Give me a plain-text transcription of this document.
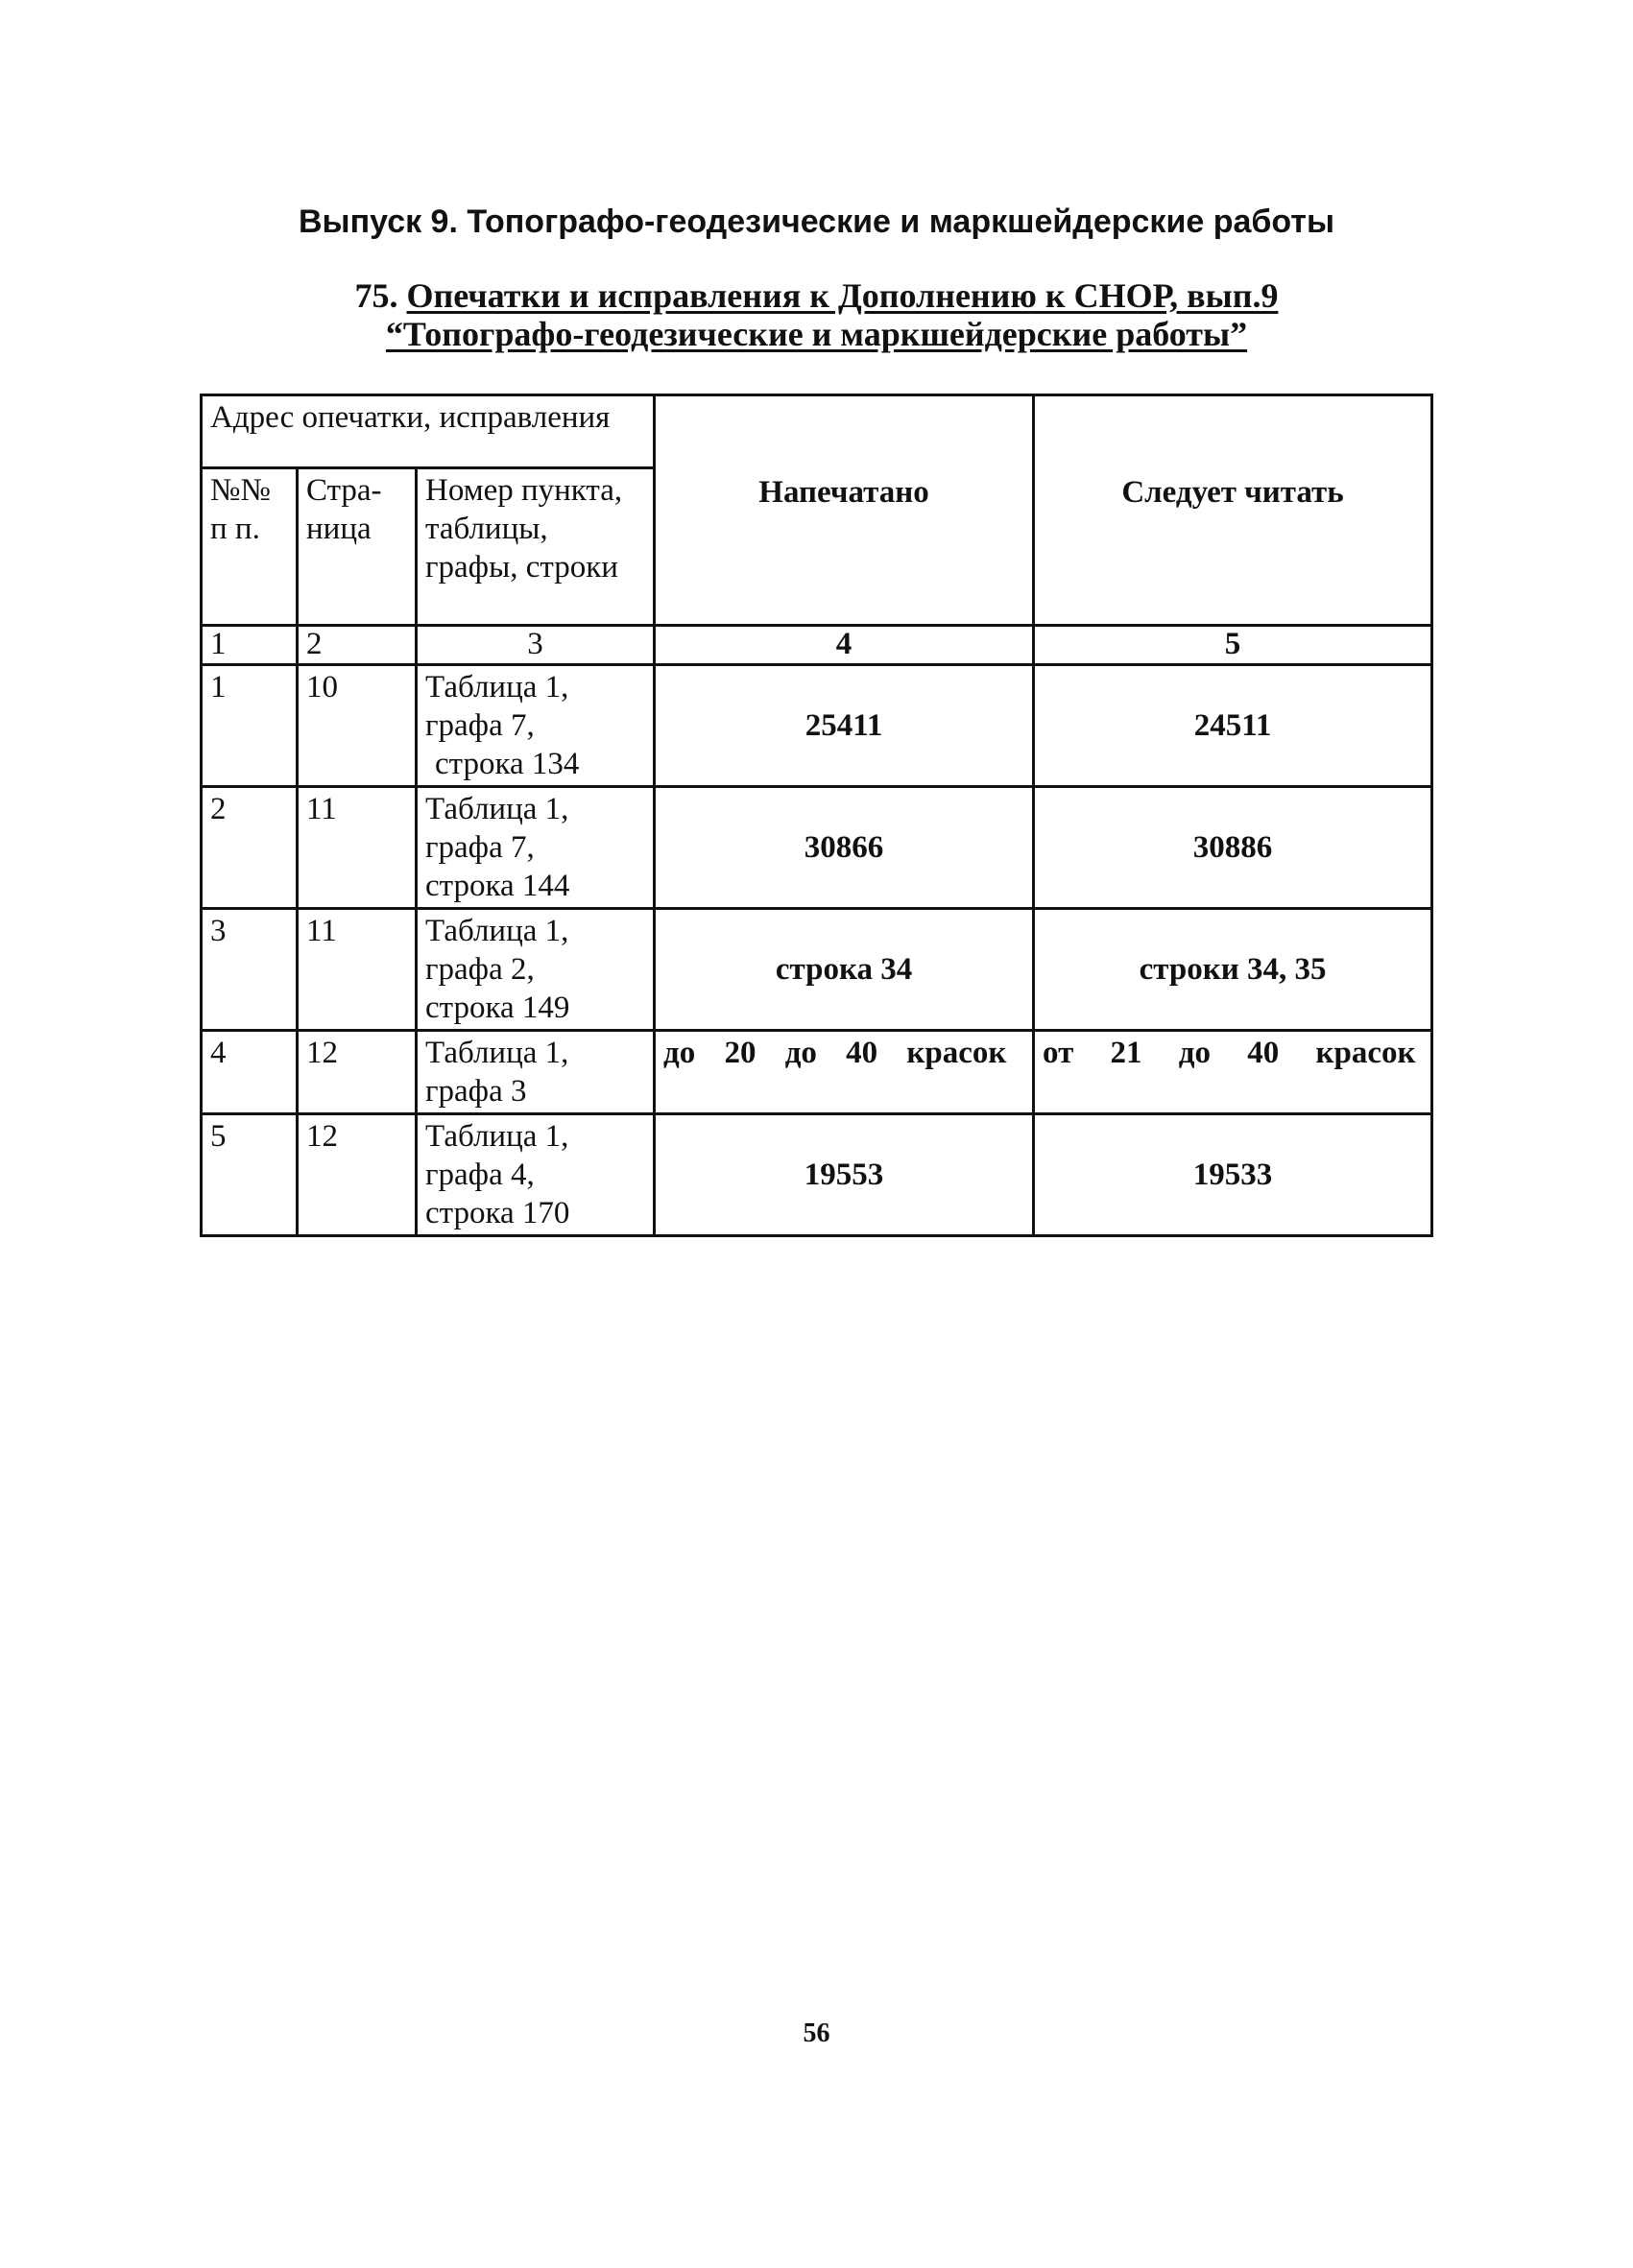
Выпуск 9. Топографо-геодезические и маркшейдерские работы
75. Опечатки и исправления к Дополнению к СНОР, вып.9
“Топографо-геодезические и маркшейдерские работы”
Адрес опечатки, исправления			Напечатано	Следует читать
№№ п п.	Стра-ница	Номер пункта, таблицы, графы, строки		
1	2	3	4	5
1	10	Таблица 1,
графа 7,
строка 134	25411	24511
2	11	Таблица 1,
графа 7,
строка 144	30866	30886
3	11	Таблица 1,
графа 2,
строка 149	строка 34	строки 34, 35
4	12	Таблица 1,
графа 3	до 20 до 40 красок	от 21 до 40 красок
5	12	Таблица 1,
графа 4,
строка 170	19553	19533
56
